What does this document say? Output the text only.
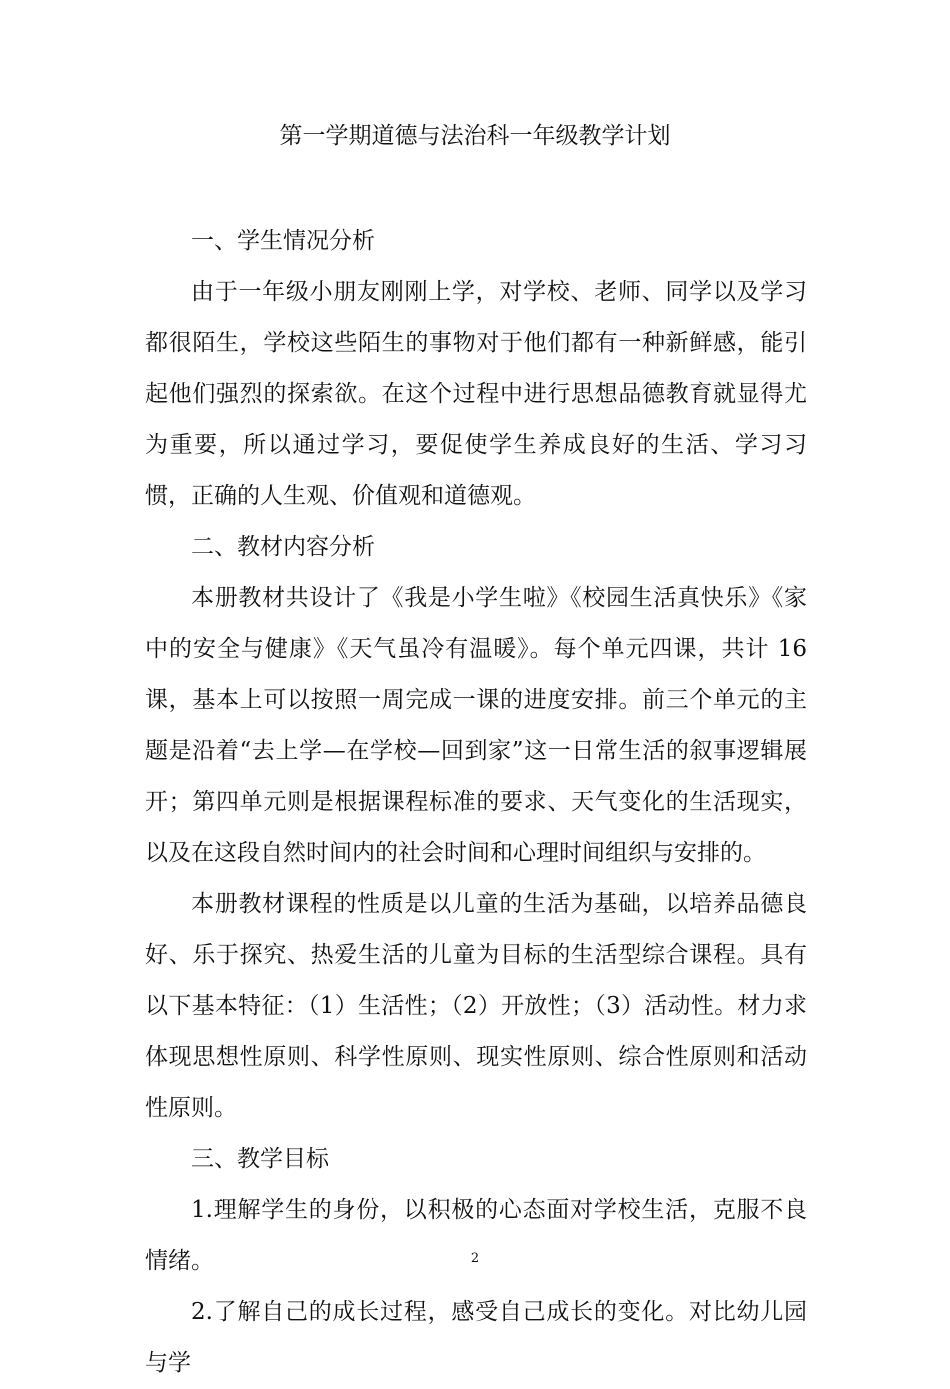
第一学期道德与法治科一年级教学计划
一、学生情况分析

由于一年级小朋友刚刚上学，对学校、老师、同学以及学习都很陌生，学校这些陌生的事物对于他们都有一种新鲜感，能引起他们强烈的探索欲。在这个过程中进行思想品德教育就显得尤为重要，所以通过学习，要促使学生养成良好的生活、学习习惯，正确的人生观、价值观和道德观。

二、教材内容分析

本册教材共设计了《我是小学生啦》《校园生活真快乐》《家中的安全与健康》《天气虽冷有温暖》。每个单元四课，共计 16 课，基本上可以按照一周完成一课的进度安排。前三个单元的主题是沿着“去上学—在学校—回到家”这一日常生活的叙事逻辑展开；第四单元则是根据课程标准的要求、天气变化的生活现实，以及在这段自然时间内的社会时间和心理时间组织与安排的。

本册教材课程的性质是以儿童的生活为基础，以培养品德良好、乐于探究、热爱生活的儿童为目标的生活型综合课程。具有以下基本特征：（1）生活性；（2）开放性；（3）活动性。材力求体现思想性原则、科学性原则、现实性原则、综合性原则和活动性原则。

三、教学目标

1.理解学生的身份，以积极的心态面对学校生活，克服不良情绪。

2.了解自己的成长过程，感受自己成长的变化。对比幼儿园与学

2
